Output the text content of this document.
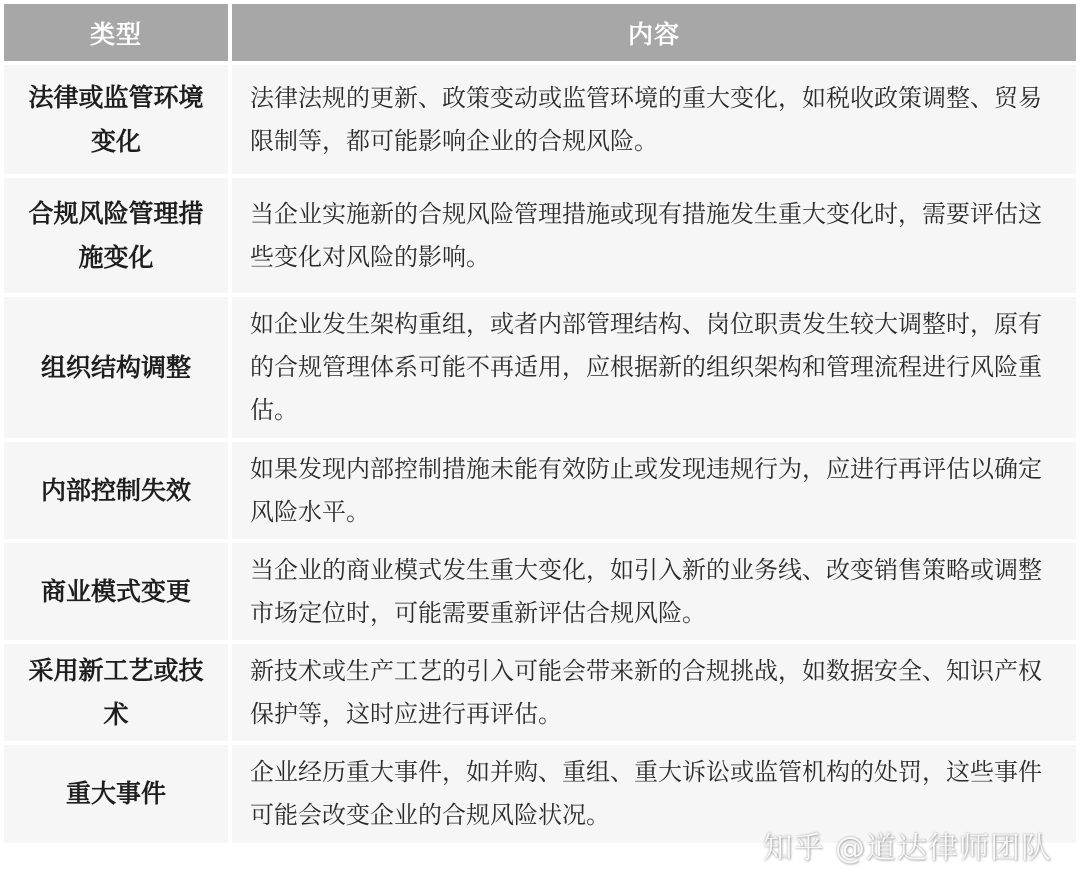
类型	内容
法律或监管环境变化	法律法规的更新、政策变动或监管环境的重大变化，如税收政策调整、贸易限制等，都可能影响企业的合规风险。
合规风险管理措施变化	当企业实施新的合规风险管理措施或现有措施发生重大变化时，需要评估这些变化对风险的影响。
组织结构调整	如企业发生架构重组，或者内部管理结构、岗位职责发生较大调整时，原有的合规管理体系可能不再适用，应根据新的组织架构和管理流程进行风险重估。
内部控制失效	如果发现内部控制措施未能有效防止或发现违规行为，应进行再评估以确定风险水平。
商业模式变更	当企业的商业模式发生重大变化，如引入新的业务线、改变销售策略或调整市场定位时，可能需要重新评估合规风险。
采用新工艺或技术	新技术或生产工艺的引入可能会带来新的合规挑战，如数据安全、知识产权保护等，这时应进行再评估。
重大事件	企业经历重大事件，如并购、重组、重大诉讼或监管机构的处罚，这些事件可能会改变企业的合规风险状况。
知乎 @道达律师团队
